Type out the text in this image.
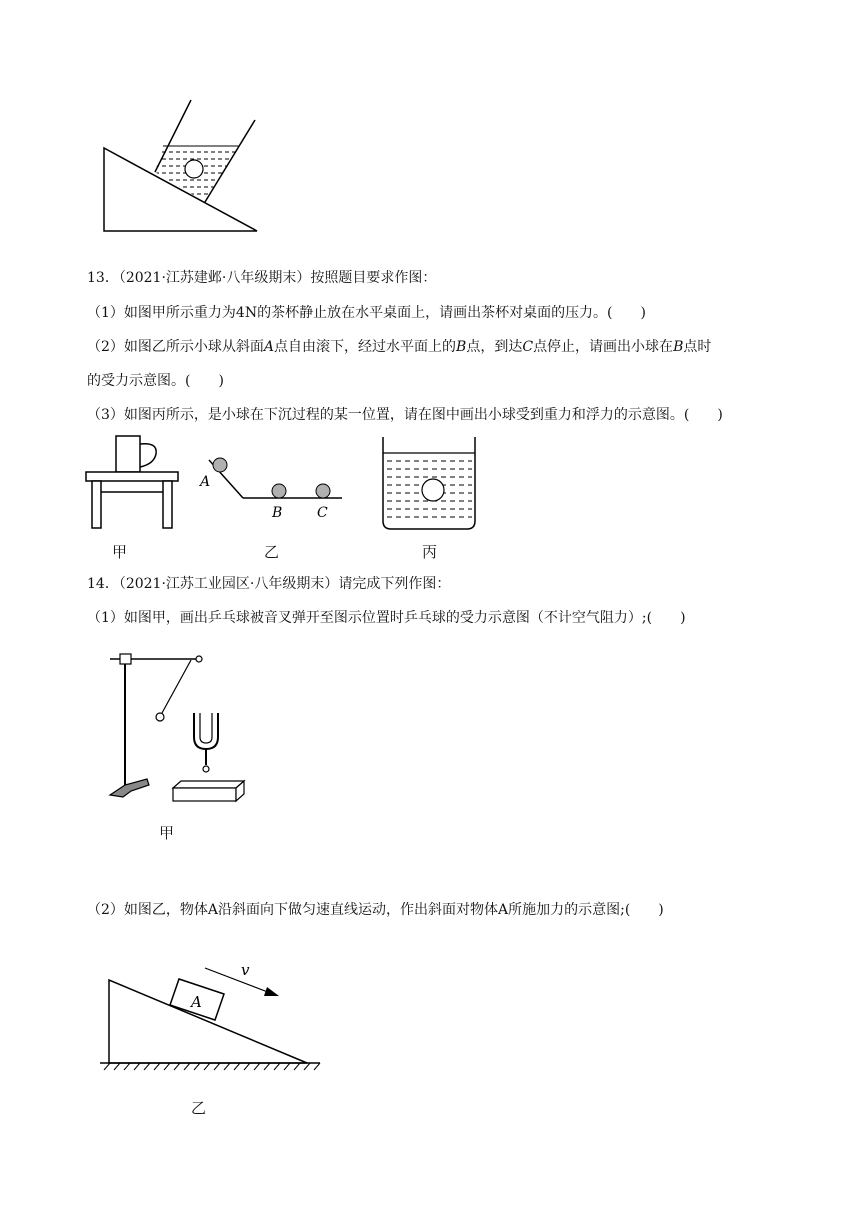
13．（2021·江苏建邺·八年级期末）按照题目要求作图：
（1）如图甲所示重力为4N的茶杯静止放在水平桌面上，请画出茶杯对桌面的压力。(　　)
（2）如图乙所示小球从斜面A点自由滚下，经过水平面上的B点，到达C点停止，请画出小球在B点时
的受力示意图。(　　)
（3）如图丙所示，是小球在下沉过程的某一位置，请在图中画出小球受到重力和浮力的示意图。(　　)
甲
A
B C
乙	丙
14．（2021·江苏工业园区·八年级期末）请完成下列作图：
（1）如图甲，画出乒乓球被音叉弹开至图示位置时乒乓球的受力示意图（不计空气阻力）;(　　)
甲
（2）如图乙，物体A沿斜面向下做匀速直线运动，作出斜面对物体A所施加力的示意图;(　　)
A
v
乙
